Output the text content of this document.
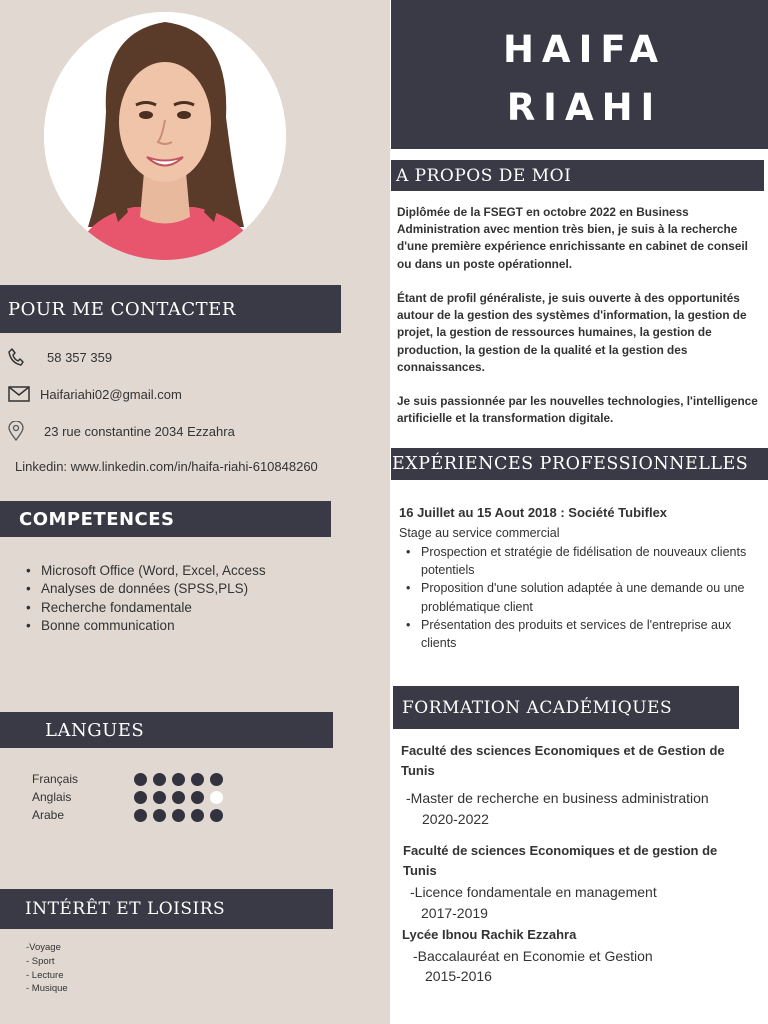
POUR ME CONTACTER
58 357 359
Haifariahi02@gmail.com
23 rue constantine 2034 Ezzahra
Linkedin: www.linkedin.com/in/haifa-riahi-610848260
COMPETENCES
• Microsoft Office (Word, Excel, Access
• Analyses de données (SPSS,PLS)
• Recherche fondamentale
• Bonne communication
LANGUES
Français
Anglais
Arabe
INTÉRÊT ET LOISIRS
-Voyage
- Sport
- Lecture
- Musique
HAIFA
RIAHI
A PROPOS DE MOI

Diplômée de la FSEGT en octobre 2022 en Business Administration avec mention très bien, je suis à la recherche d'une première expérience enrichissante en cabinet de conseil ou dans un poste opérationnel.

Étant de profil généraliste, je suis ouverte à des opportunités autour de la gestion des systèmes d'information, la gestion de projet, la gestion de ressources humaines, la gestion de production, la gestion de la qualité et la gestion des connaissances.

Je suis passionnée par les nouvelles technologies, l'intelligence artificielle et la transformation digitale.

EXPÉRIENCES PROFESSIONNELLES
16 Juillet au 15 Aout 2018 : Société Tubiflex
Stage au service commercial
• Prospection et stratégie de fidélisation de nouveaux clients potentiels
• Proposition d'une solution adaptée à une demande ou une problématique client
• Présentation des produits et services de l'entreprise aux clients
FORMATION ACADÉMIQUES
Faculté des sciences Economiques et de Gestion de Tunis
-Master de recherche en business administration
2020-2022
Faculté de sciences Economiques et de gestion de Tunis
-Licence fondamentale en management
2017-2019
Lycée Ibnou Rachik Ezzahra
-Baccalauréat en Economie et Gestion
2015-2016
